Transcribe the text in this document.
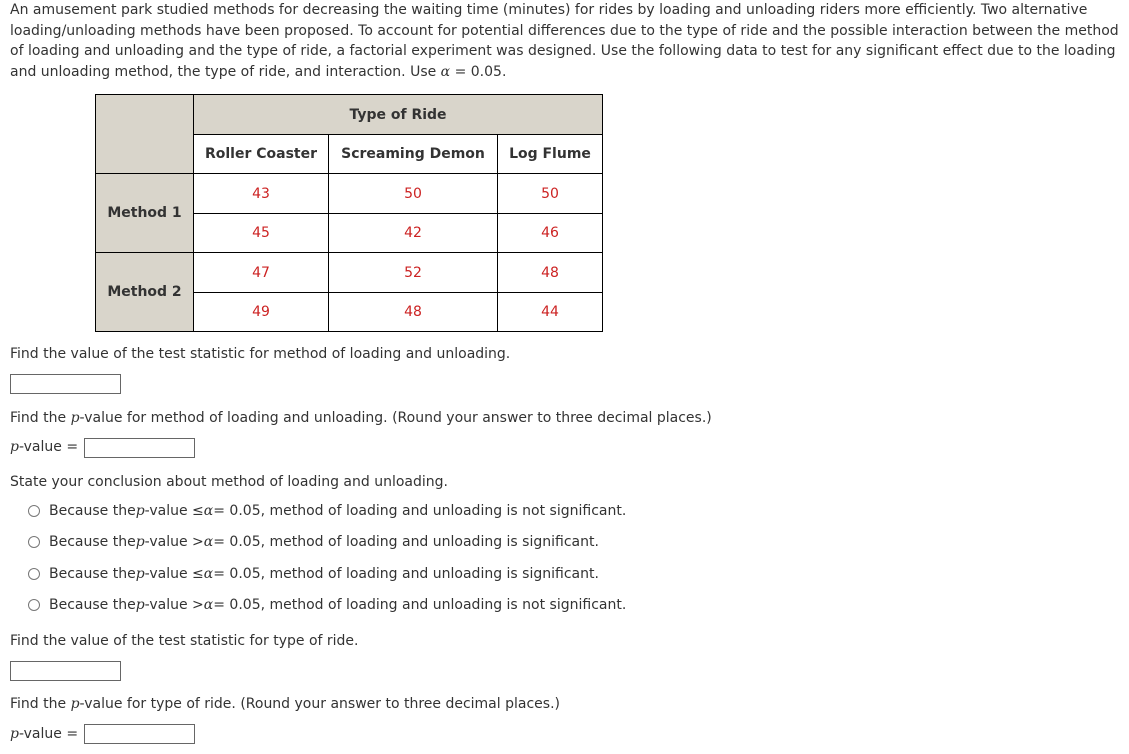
An amusement park studied methods for decreasing the waiting time (minutes) for rides by loading and unloading riders more efficiently. Two alternative loading/unloading methods have been proposed. To account for potential differences due to the type of ride and the possible interaction between the method of loading and unloading and the type of ride, a factorial experiment was designed. Use the following data to test for any significant effect due to the loading and unloading method, the type of ride, and interaction. Use α = 0.05.

	Type of Ride		
	Roller Coaster	Screaming Demon	Log Flume
Method 1	43	50	50
	45	42	46
Method 2	47	52	48
	49	48	44

Find the value of the test statistic for method of loading and unloading.

Find the p-value for method of loading and unloading. (Round your answer to three decimal places.)

p-value =

State your conclusion about method of loading and unloading.

Because the p -value ≤ α = 0.05, method of loading and unloading is not significant.
Because the p -value > α = 0.05, method of loading and unloading is significant.
Because the p -value ≤ α = 0.05, method of loading and unloading is significant.
Because the p -value > α = 0.05, method of loading and unloading is not significant.

Find the value of the test statistic for type of ride.

Find the p-value for type of ride. (Round your answer to three decimal places.)

p-value =
